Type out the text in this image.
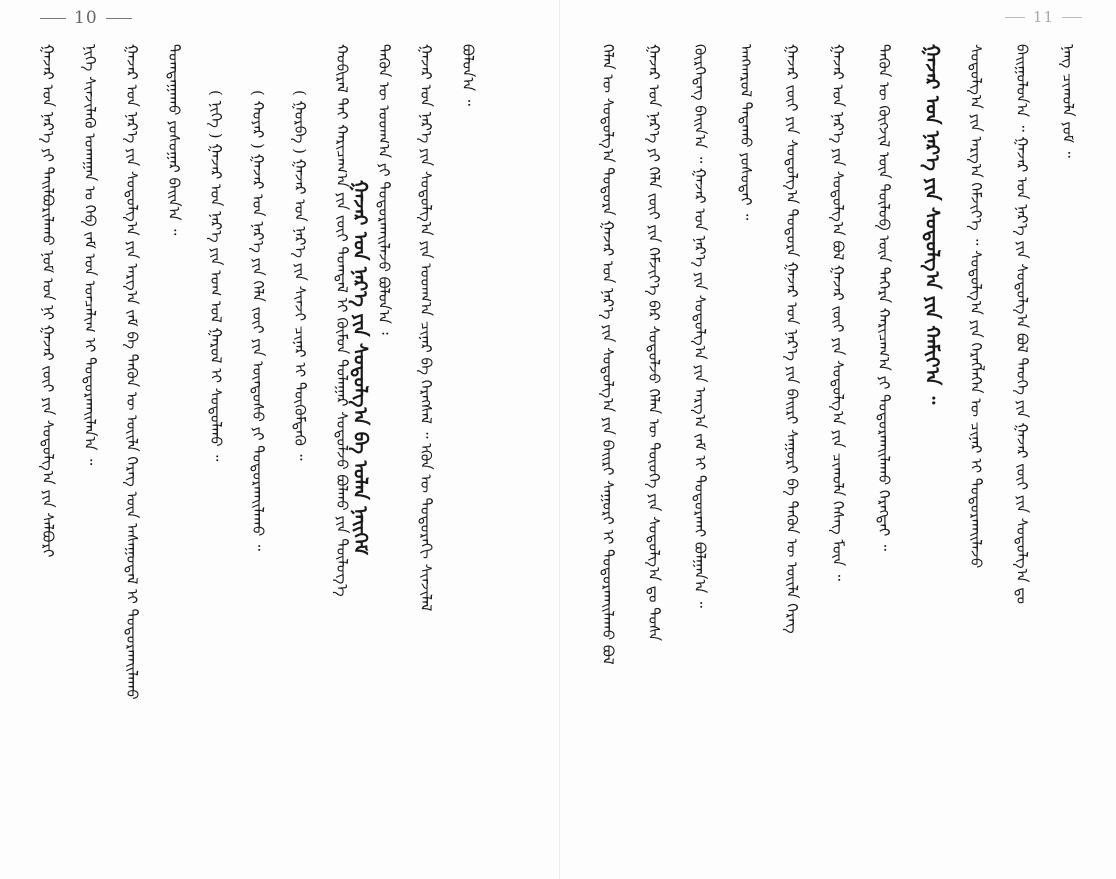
10
ᠭᠠᠵᠠᠷ ᠤᠨ ᠨᠡᠷ᠎ᠡ ᠶᠢ ᠲᠠᠢᠯᠪᠤᠷᠢᠯᠠᠬᠤ ᠨᠤᠮ ᠤᠨ ᠨᠢ ᠭᠠᠵᠠᠷ ᠵᠦᠢ ᠶᠢᠨ ᠰᠤᠳᠤᠯᠭ᠎ᠠ ᠶᠢᠨ ᠰᠠᠯᠪᠤᠷᠢ ᠨᠢᠭᠡ ᠰᠢᠨᠵᠢᠯᠡᠬᠦ ᠤᠬᠠᠭᠠᠨ ᠤ ᠬᠡᠪ ᠵᠠᠮ ᠤᠨ ᠣᠨᠴᠠᠯᠢᠭ ᠢ ᠲᠣᠳᠣᠷᠬᠠᠢᠯᠠᠨ᠎ᠠ ᠃ ᠭᠠᠵᠠᠷ ᠤᠨ ᠨᠡᠷ᠎ᠡ ᠶᠢᠨ ᠰᠤᠳᠤᠯᠭ᠎ᠠ ᠶᠢᠨ ᠠᠷᠭ᠎ᠠ ᠵᠠᠮ ᠪᠠ ᠲᠡᠭᠦᠨ ᠦ ᠦᠢᠯᠡ ᠬᠡᠷᠡᠭ ᠦᠨ ᠠᠰᠠᠭᠤᠳᠠᠯ ᠢ ᠲᠣᠳᠣᠷᠬᠠᠢᠯᠠᠬᠤ ᠲᠣᠭᠲᠠᠭᠠᠬᠤ ᠶᠣᠰᠤᠭᠠᠷ ᠪᠠᠢᠨ᠎ᠠ ᠃ ( ᠨᠢᠭᠡ ) ᠭᠠᠵᠠᠷ ᠤᠨ ᠨᠡᠷ᠎ᠡ ᠶᠢᠨ ᠤᠭ ᠤᠯ ᠭᠠᠷᠤᠯ ᠢ ᠰᠤᠳᠤᠯᠬᠤ ᠃ ( ᠬᠣᠶᠠᠷ ) ᠭᠠᠵᠠᠷ ᠤᠨ ᠨᠡᠷ᠎ᠡ ᠶᠢᠨ ᠬᠡᠯᠡ ᠵᠦᠢ ᠶᠢᠨ ᠦᠨᠳᠦᠰᠦ ᠶᠢ ᠲᠣᠳᠣᠷᠬᠠᠢᠯᠠᠬᠤ ᠃ ( ᠭᠤᠷᠪᠠ ) ᠭᠠᠵᠠᠷ ᠤᠨ ᠨᠡᠷ᠎ᠡ ᠶᠢᠨ ᠰᠢᠨᠵᠢ ᠴᠢᠨᠠᠷ ᠢ ᠳᠦᠭᠦᠮᠳᠡᠬᠦ ᠃ ᠬᠤᠪᠢᠷᠠᠯ ᠲᠠᠢ ᠬᠠᠷᠢᠴᠠᠭ᠎ᠠ ᠶᠢᠨ ᠵᠦᠢ ᠲᠣᠭᠲᠠᠯ ᠢ ᠬᠦᠮᠦᠨ ᠲᠤᠯᠠᠭᠠᠷ ᠰᠤᠳᠤᠯᠵᠤ ᠪᠣᠯᠬᠤ ᠶᠢᠨ ᠲᠥᠯᠥᠭ᠎ᠡ ᠲᠡᠭᠦᠨ ᠦ ᠤᠳᠬ᠎ᠠ ᠶᠢ ᠲᠣᠳᠣᠷᠬᠠᠢᠯᠠᠵᠤ ᠪᠣᠯᠤᠨ᠎ᠠ ᠄ ᠭᠠᠵᠠᠷ ᠤᠨ ᠨᠡᠷ᠎ᠡ ᠶᠢᠨ ᠰᠤᠳᠤᠯᠭ᠎ᠠ ᠶᠢᠨ ᠤᠳᠬ᠎ᠠ ᠴᠢᠨᠠᠷ ᠪᠠ ᠬᠡᠷᠡᠭᠰᠡᠯ ᠃ ᠡᠬᠦᠨ ᠦ ᠳᠣᠲᠣᠷᠠᠬᠢ ᠰᠢᠨᠵᠢᠯᠡᠯ ᠪᠣᠯᠤᠨ᠎ᠠ ᠃
11
ᠬᠡᠯᠡᠨ ᠦ ᠰᠤᠳᠤᠯᠭ᠎ᠠ ᠳᠣᠲᠣᠷᠠ ᠭᠠᠵᠠᠷ ᠤᠨ ᠨᠡᠷ᠎ᠡ ᠶᠢᠨ ᠰᠤᠳᠤᠯᠭ᠎ᠠ ᠶᠢᠨ ᠪᠠᠢᠷᠢ ᠰᠠᠭᠤᠷᠢ ᠢ ᠲᠣᠳᠣᠷᠬᠠᠢᠯᠠᠬᠤ ᠪᠣᠯ ᠭᠠᠵᠠᠷ ᠤᠨ ᠨᠡᠷ᠎ᠡ ᠶᠢ ᠬᠡᠯᠡ ᠵᠦᠢ ᠶᠢᠨ ᠬᠡᠮᠵᠢᠶ᠎ᠡ ᠪᠡᠷ ᠰᠤᠳᠤᠯᠵᠤ ᠬᠡᠯᠡᠨ ᠦ ᠲᠦᠦᠬᠡ ᠶᠢᠨ ᠰᠤᠳᠤᠯᠭ᠎ᠠ ᠳᠤ ᠲᠤᠰᠠ ᠬᠦᠷᠭᠡᠳᠡᠭ ᠪᠠᠢᠨ᠎ᠠ ᠃ ᠭᠠᠵᠠᠷ ᠤᠨ ᠨᠡᠷ᠎ᠡ ᠶᠢᠨ ᠰᠤᠳᠤᠯᠭ᠎ᠠ ᠶᠢᠨ ᠠᠷᠭ᠎ᠠ ᠵᠠᠮ ᠢ ᠲᠣᠳᠣᠷᠬᠠᠢ ᠪᠣᠯᠭᠠᠨ᠎ᠠ ᠃ ᠠᠩᠬᠠᠷᠤᠯ ᠲᠠᠲᠠᠬᠤ ᠶᠣᠰᠣᠲᠠᠢ ᠃ ᠭᠠᠵᠠᠷ ᠵᠦᠢ ᠶᠢᠨ ᠰᠤᠳᠤᠯᠭ᠎ᠠ ᠳᠣᠲᠣᠷᠠ ᠭᠠᠵᠠᠷ ᠤᠨ ᠨᠡᠷ᠎ᠡ ᠶᠢᠨ ᠪᠠᠢᠷᠢ ᠰᠠᠭᠤᠷᠢ ᠪᠠ ᠲᠡᠭᠦᠨ ᠦ ᠦᠢᠯᠡ ᠬᠡᠷᠡᠭ ᠭᠠᠵᠠᠷ ᠤᠨ ᠨᠡᠷ᠎ᠡ ᠶᠢᠨ ᠰᠤᠳᠤᠯᠭ᠎ᠠ ᠪᠣᠯ ᠭᠠᠵᠠᠷ ᠵᠦᠢ ᠶᠢᠨ ᠰᠤᠳᠤᠯᠭ᠎ᠠ ᠶᠢᠨ ᠴᠢᠬᠤᠯᠠ ᠬᠡᠰᠡᠭ ᠮᠥᠨ ᠃ ᠲᠡᠭᠦᠨ ᠦ ᠬᠦᠭᠵᠢᠯ ᠦᠨ ᠲᠥᠯᠥᠪ ᠦᠨ ᠳᠡᠭᠡᠷᠡ ᠬᠠᠷᠢᠴᠠᠭ᠎ᠠ ᠶᠢ ᠲᠣᠳᠣᠷᠬᠠᠢᠯᠠᠬᠤ ᠬᠡᠷᠡᠭᠲᠡᠢ ᠃ ᠭᠠᠵᠠᠷ ᠤᠨ ᠨᠡᠷ᠎ᠡ ᠶᠢᠨ ᠰᠤᠳᠤᠯᠭ᠎ᠠ ᠶᠢᠨ ᠬᠠᠮᠢᠶ᠎ᠠ ᠃ ᠰᠤᠳᠤᠯᠭ᠎ᠠ ᠶᠢᠨ ᠠᠷᠭ᠎ᠠ ᠬᠡᠮᠵᠢᠶ᠎ᠡ ᠃ ᠰᠤᠳᠤᠯᠭ᠎ᠠ ᠶᠢᠨ ᠬᠡᠷᠡᠭᠯᠡᠭᠡᠨ ᠦ ᠴᠢᠨᠠᠷ ᠢ ᠲᠣᠳᠣᠷᠬᠠᠢᠯᠠᠵᠤ ᠪᠠᠢᠭᠤᠯᠤᠨ᠎ᠠ ᠃ ᠭᠠᠵᠠᠷ ᠤᠨ ᠨᠡᠷ᠎ᠡ ᠶᠢᠨ ᠰᠤᠳᠤᠯᠭ᠎ᠠ ᠪᠣᠯ ᠲᠡᠦᠬᠡ ᠶᠢᠨ ᠭᠠᠵᠠᠷ ᠵᠦᠢ ᠶᠢᠨ ᠰᠤᠳᠤᠯᠭ᠎ᠠ ᠳᠤ ᠨᠡᠩ ᠴᠢᠬᠤᠯᠠ ᠶᠤᠮ ᠃
ᠭᠠᠵᠠᠷ ᠤᠨ ᠨᠡᠷ᠎ᠡ ᠶᠢᠨ ᠰᠤᠳᠤᠯᠭ᠎ᠠ ᠪᠠ ᠣᠯᠠᠨ ᠨᠡᠢᠭᠡᠮ
